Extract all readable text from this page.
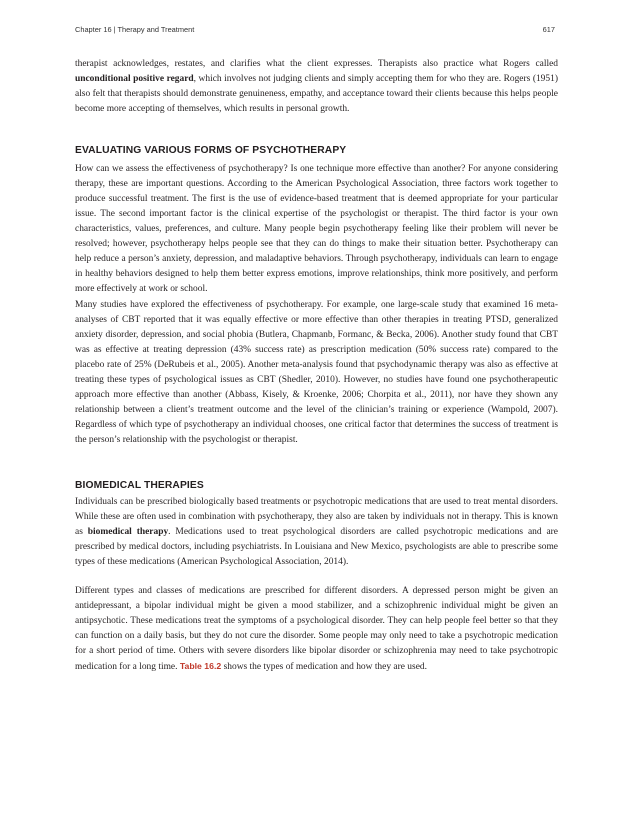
Chapter 16 | Therapy and Treatment	617

therapist acknowledges, restates, and clarifies what the client expresses. Therapists also practice what Rogers called unconditional positive regard, which involves not judging clients and simply accepting them for who they are. Rogers (1951) also felt that therapists should demonstrate genuineness, empathy, and acceptance toward their clients because this helps people become more accepting of themselves, which results in personal growth.

EVALUATING VARIOUS FORMS OF PSYCHOTHERAPY

How can we assess the effectiveness of psychotherapy? Is one technique more effective than another? For anyone considering therapy, these are important questions. According to the American Psychological Association, three factors work together to produce successful treatment. The first is the use of evidence-based treatment that is deemed appropriate for your particular issue. The second important factor is the clinical expertise of the psychologist or therapist. The third factor is your own characteristics, values, preferences, and culture. Many people begin psychotherapy feeling like their problem will never be resolved; however, psychotherapy helps people see that they can do things to make their situation better. Psychotherapy can help reduce a person’s anxiety, depression, and maladaptive behaviors. Through psychotherapy, individuals can learn to engage in healthy behaviors designed to help them better express emotions, improve relationships, think more positively, and perform more effectively at work or school.

Many studies have explored the effectiveness of psychotherapy. For example, one large-scale study that examined 16 meta-analyses of CBT reported that it was equally effective or more effective than other therapies in treating PTSD, generalized anxiety disorder, depression, and social phobia (Butlera, Chapmanb, Formanc, & Becka, 2006). Another study found that CBT was as effective at treating depression (43% success rate) as prescription medication (50% success rate) compared to the placebo rate of 25% (DeRubeis et al., 2005). Another meta-analysis found that psychodynamic therapy was also as effective at treating these types of psychological issues as CBT (Shedler, 2010). However, no studies have found one psychotherapeutic approach more effective than another (Abbass, Kisely, & Kroenke, 2006; Chorpita et al., 2011), nor have they shown any relationship between a client’s treatment outcome and the level of the clinician’s training or experience (Wampold, 2007). Regardless of which type of psychotherapy an individual chooses, one critical factor that determines the success of treatment is the person’s relationship with the psychologist or therapist.

BIOMEDICAL THERAPIES

Individuals can be prescribed biologically based treatments or psychotropic medications that are used to treat mental disorders. While these are often used in combination with psychotherapy, they also are taken by individuals not in therapy. This is known as biomedical therapy. Medications used to treat psychological disorders are called psychotropic medications and are prescribed by medical doctors, including psychiatrists. In Louisiana and New Mexico, psychologists are able to prescribe some types of these medications (American Psychological Association, 2014).

Different types and classes of medications are prescribed for different disorders. A depressed person might be given an antidepressant, a bipolar individual might be given a mood stabilizer, and a schizophrenic individual might be given an antipsychotic. These medications treat the symptoms of a psychological disorder. They can help people feel better so that they can function on a daily basis, but they do not cure the disorder. Some people may only need to take a psychotropic medication for a short period of time. Others with severe disorders like bipolar disorder or schizophrenia may need to take psychotropic medication for a long time. Table 16.2 shows the types of medication and how they are used.
